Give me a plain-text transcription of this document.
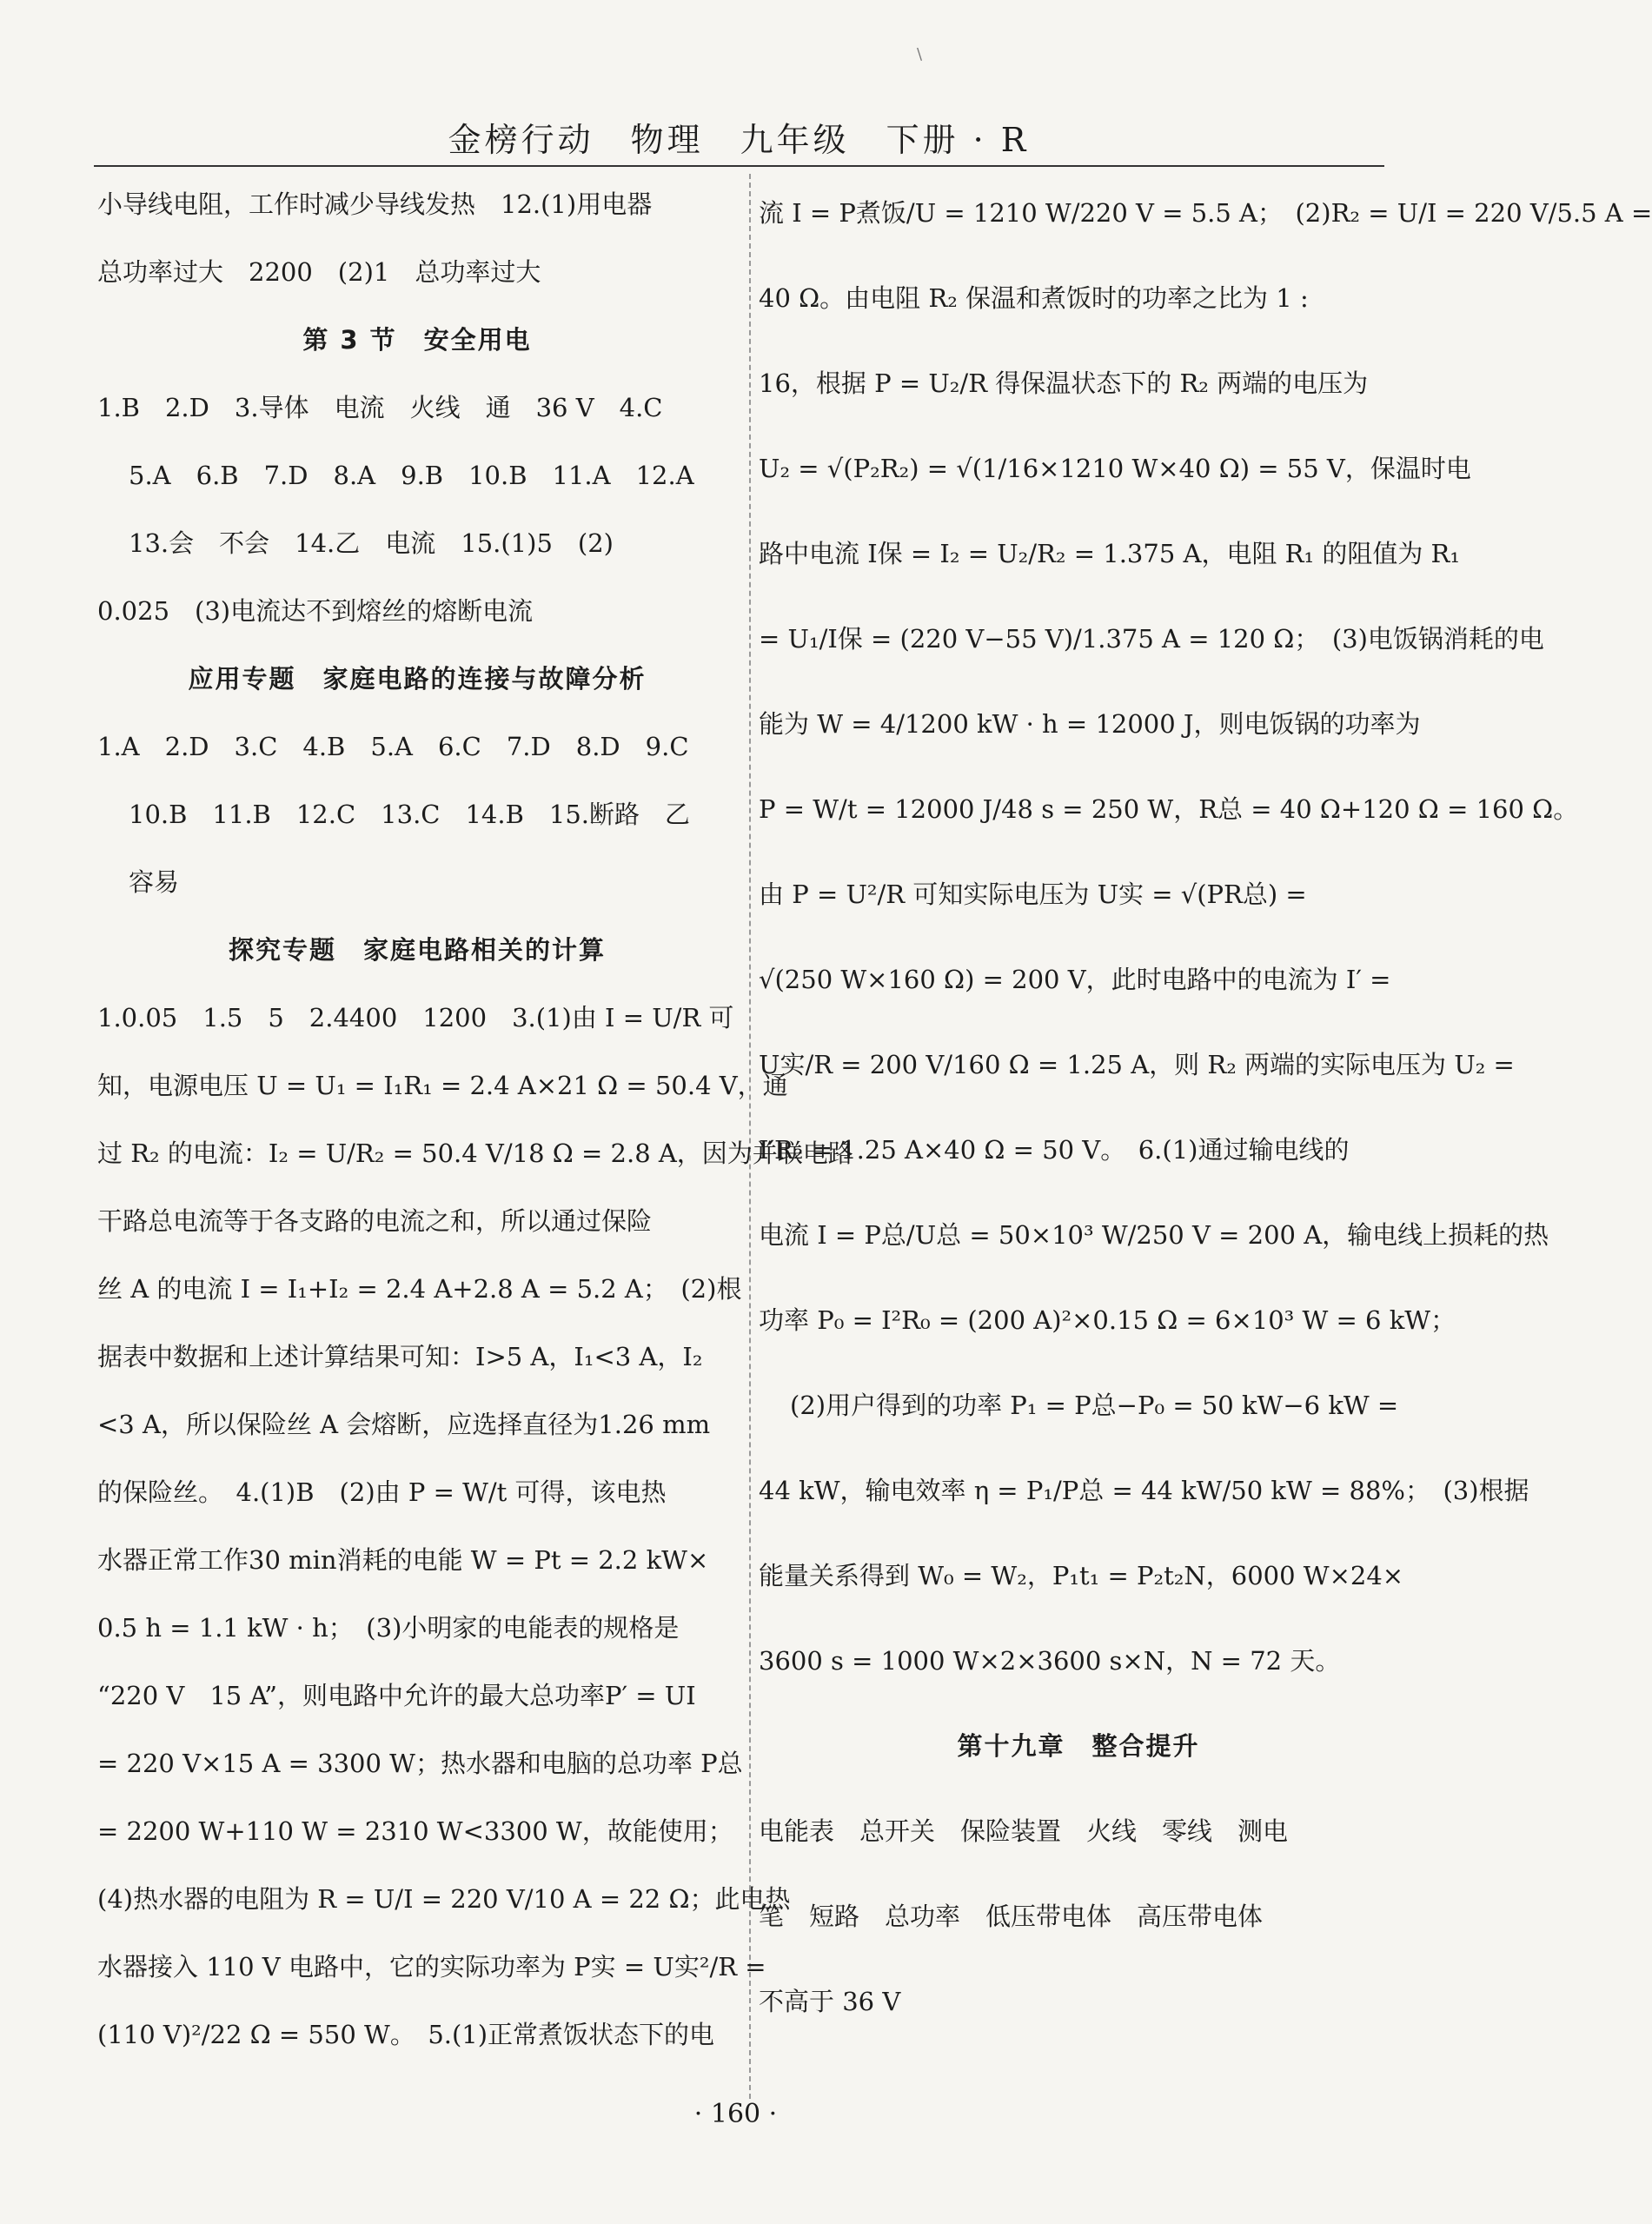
\
金榜行动　物理　九年级　下册 · R
小导线电阻，工作时减少导线发热　12.(1)用电器
总功率过大　2200　(2)1　总功率过大
第 3 节　安全用电
1.B　2.D　3.导体　电流　火线　通　36 V　4.C
5.A　6.B　7.D　8.A　9.B　10.B　11.A　12.A
13.会　不会　14.乙　电流　15.(1)5　(2)
0.025　(3)电流达不到熔丝的熔断电流
应用专题　家庭电路的连接与故障分析
1.A　2.D　3.C　4.B　5.A　6.C　7.D　8.D　9.C
10.B　11.B　12.C　13.C　14.B　15.断路　乙
容易
探究专题　家庭电路相关的计算
1.0.05　1.5　5　2.4400　1200　3.(1)由 I = U/R 可
知，电源电压 U = U₁ = I₁R₁ = 2.4 A×21 Ω = 50.4 V，通
过 R₂ 的电流：I₂ = U/R₂ = 50.4 V/18 Ω = 2.8 A，因为并联电路
干路总电流等于各支路的电流之和，所以通过保险
丝 A 的电流 I = I₁+I₂ = 2.4 A+2.8 A = 5.2 A；　(2)根
据表中数据和上述计算结果可知：I>5 A，I₁<3 A，I₂
<3 A，所以保险丝 A 会熔断，应选择直径为1.26 mm
的保险丝。　4.(1)B　(2)由 P = W/t 可得，该电热
水器正常工作30 min消耗的电能 W = Pt = 2.2 kW×
0.5 h = 1.1 kW · h；　(3)小明家的电能表的规格是
“220 V　15 A”，则电路中允许的最大总功率P′ = UI
= 220 V×15 A = 3300 W；热水器和电脑的总功率 P总
= 2200 W+110 W = 2310 W<3300 W，故能使用；
(4)热水器的电阻为 R = U/I = 220 V/10 A = 22 Ω；此电热
水器接入 110 V 电路中，它的实际功率为 P实 = U实²/R =
(110 V)²/22 Ω = 550 W。　5.(1)正常煮饭状态下的电
流 I = P煮饭/U = 1210 W/220 V = 5.5 A；　(2)R₂ = U/I = 220 V/5.5 A =
40 Ω。由电阻 R₂ 保温和煮饭时的功率之比为 1 :
16，根据 P = U₂/R 得保温状态下的 R₂ 两端的电压为
U₂ = √(P₂R₂) = √(1/16×1210 W×40 Ω) = 55 V，保温时电
路中电流 I保 = I₂ = U₂/R₂ = 1.375 A，电阻 R₁ 的阻值为 R₁
= U₁/I保 = (220 V−55 V)/1.375 A = 120 Ω；　(3)电饭锅消耗的电
能为 W = 4/1200 kW · h = 12000 J，则电饭锅的功率为
P = W/t = 12000 J/48 s = 250 W，R总 = 40 Ω+120 Ω = 160 Ω。
由 P = U²/R 可知实际电压为 U实 = √(PR总) =
√(250 W×160 Ω) = 200 V，此时电路中的电流为 I′ =
U实/R = 200 V/160 Ω = 1.25 A，则 R₂ 两端的实际电压为 U₂ =
I′R₂ = 1.25 A×40 Ω = 50 V。　6.(1)通过输电线的
电流 I = P总/U总 = 50×10³ W/250 V = 200 A，输电线上损耗的热
功率 P₀ = I²R₀ = (200 A)²×0.15 Ω = 6×10³ W = 6 kW；
(2)用户得到的功率 P₁ = P总−P₀ = 50 kW−6 kW =
44 kW，输电效率 η = P₁/P总 = 44 kW/50 kW = 88%；　(3)根据
能量关系得到 W₀ = W₂，P₁t₁ = P₂t₂N，6000 W×24×
3600 s = 1000 W×2×3600 s×N，N = 72 天。
第十九章　整合提升
电能表　总开关　保险装置　火线　零线　测电
笔　短路　总功率　低压带电体　高压带电体
不高于 36 V
· 160 ·
